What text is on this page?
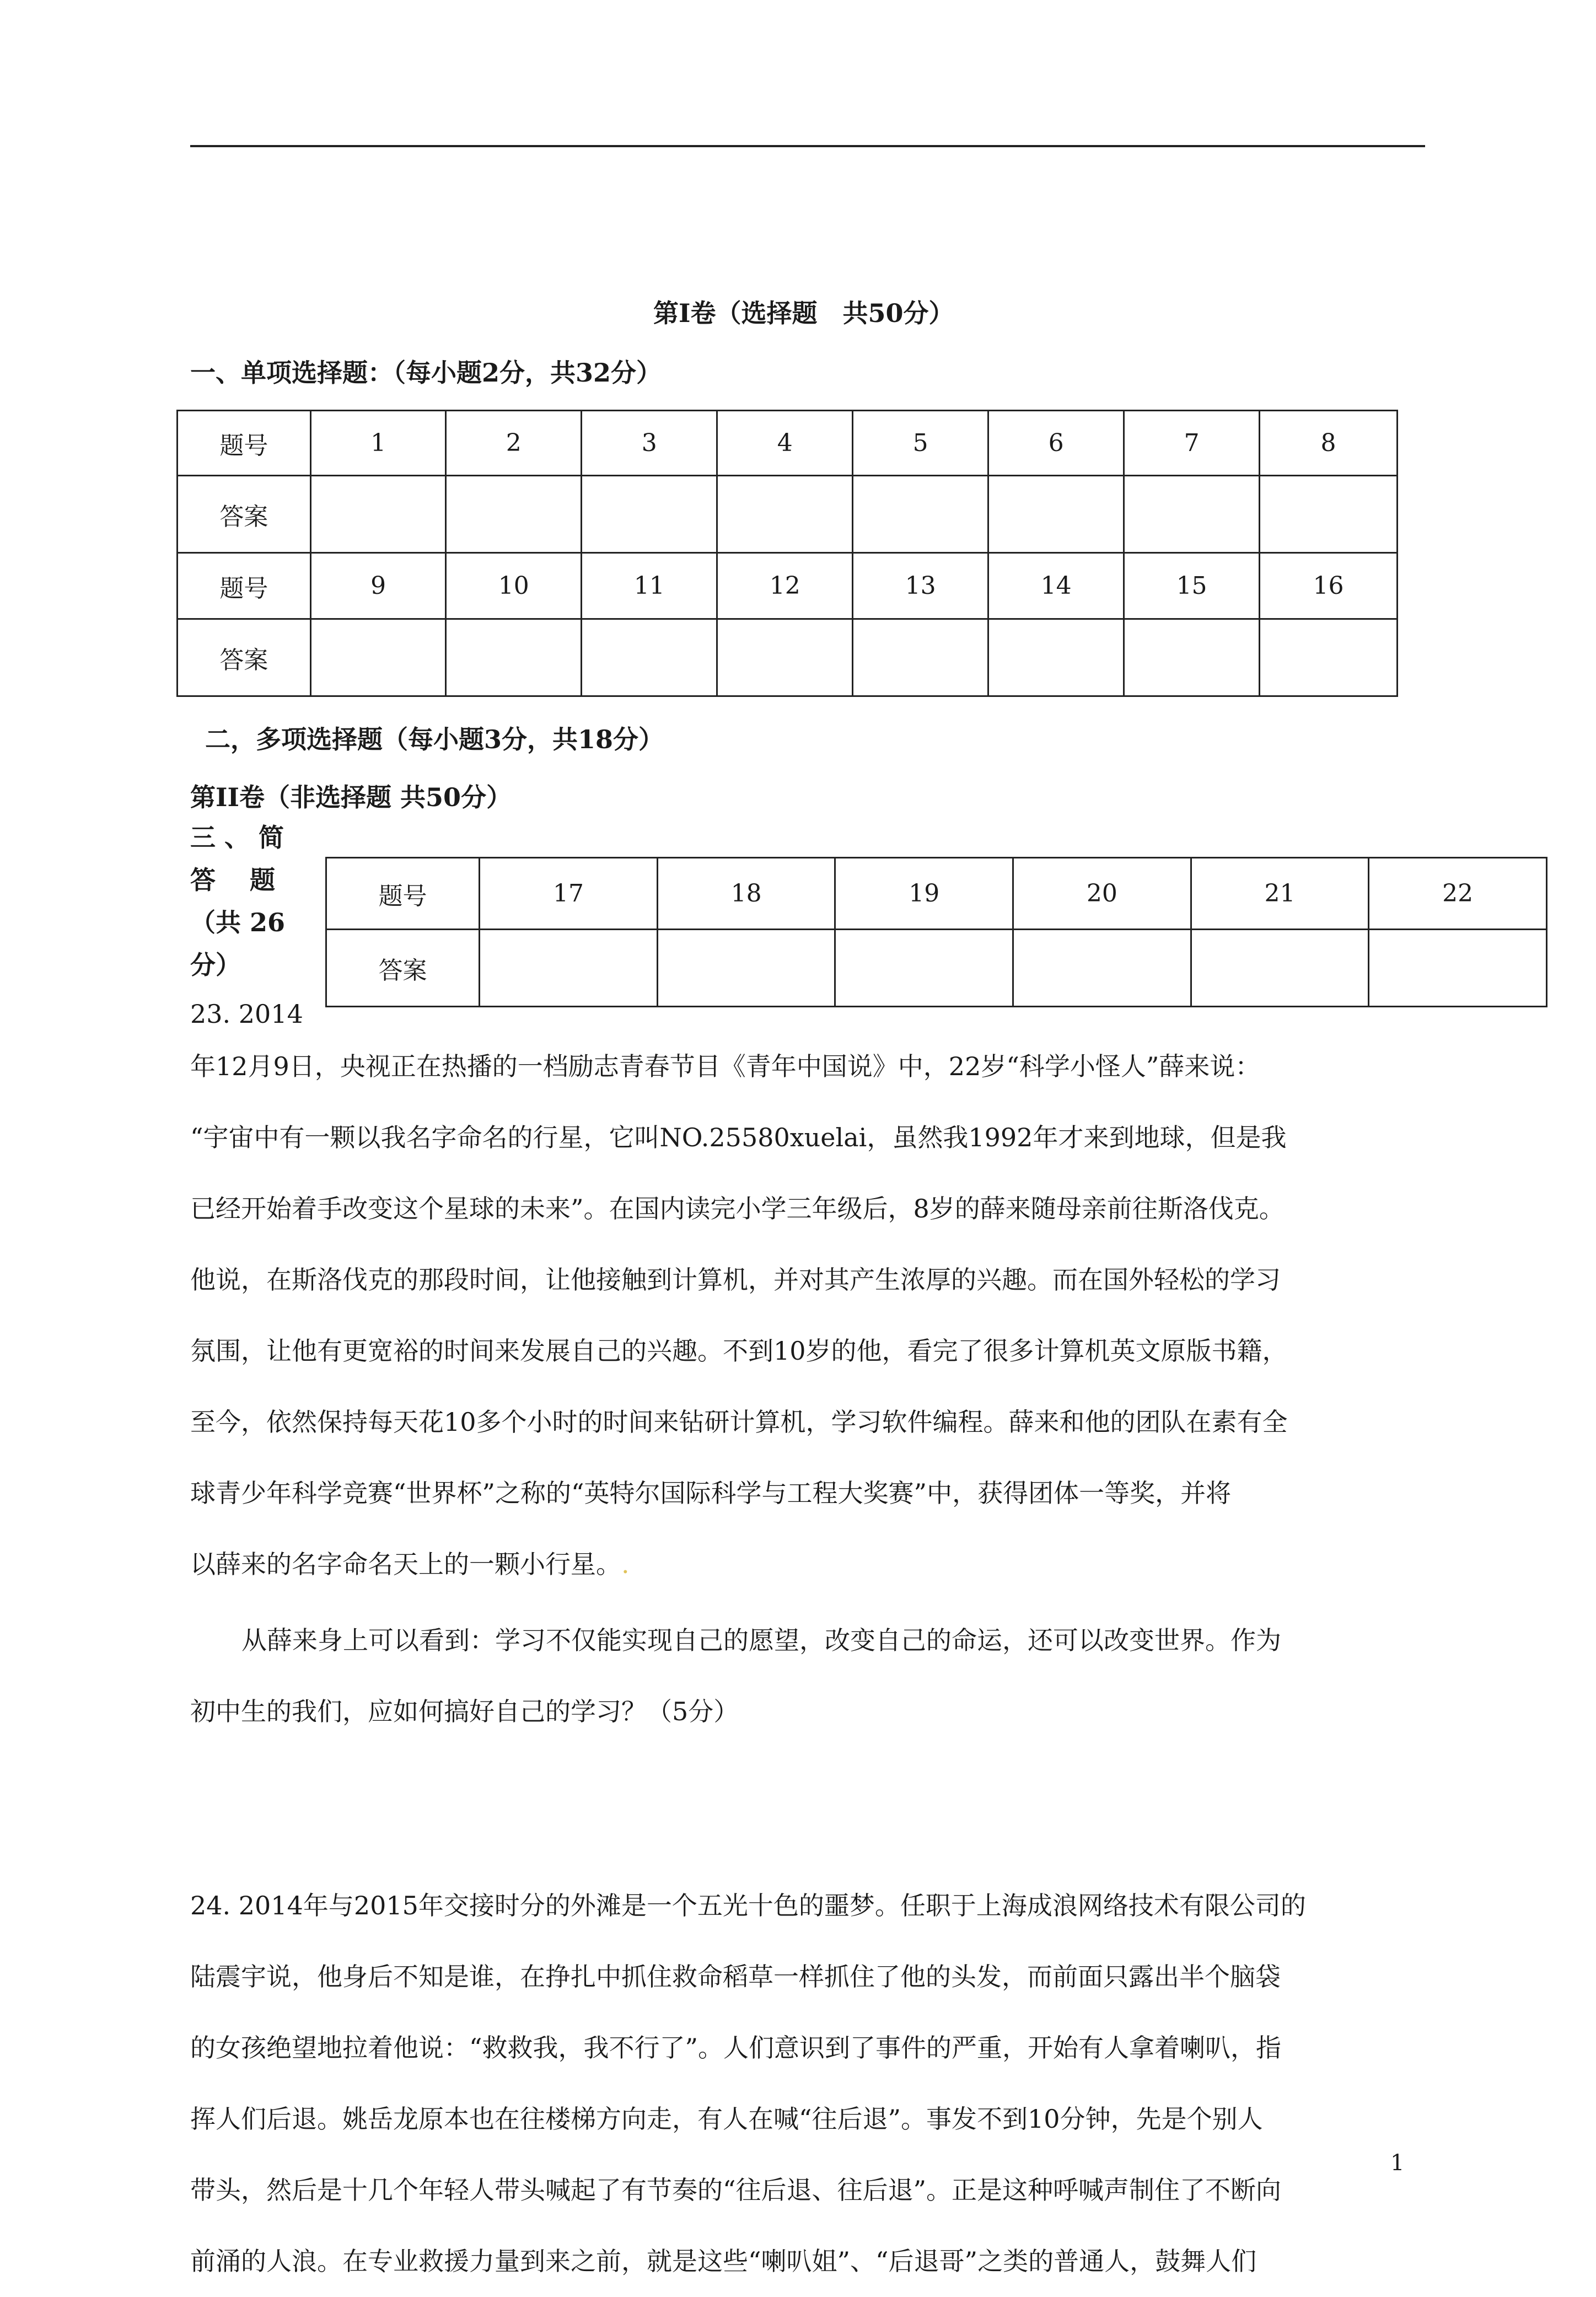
第Ⅰ卷（选择题　共50分）
一、单项选择题：（每小题2分，共32分）
题号	1	2	3	4	5	6	7	8
答案								
题号	9	10	11	12	13	14	15	16
答案								
二，多项选择题（每小题3分，共18分）
第II卷（非选择题 共50分）
三 、 简
答　 题
（共 26
分）
题号	17	18	19	20	21	22
答案						
23. 2014
年12月9日，央视正在热播的一档励志青春节目《青年中国说》中，22岁“科学小怪人”薛来说：
“宇宙中有一颗以我名字命名的行星，它叫NO.25580xuelai，虽然我1992年才来到地球，但是我
已经开始着手改变这个星球的未来”。在国内读完小学三年级后，8岁的薛来随母亲前往斯洛伐克。
他说，在斯洛伐克的那段时间，让他接触到计算机，并对其产生浓厚的兴趣。而在国外轻松的学习
氛围，让他有更宽裕的时间来发展自己的兴趣。不到10岁的他，看完了很多计算机英文原版书籍，
至今，依然保持每天花10多个小时的时间来钻研计算机，学习软件编程。薛来和他的团队在素有全
球青少年科学竞赛“世界杯”之称的“英特尔国际科学与工程大奖赛”中，获得团体一等奖，并将
以薛来的名字命名天上的一颗小行星。.
从薛来身上可以看到：学习不仅能实现自己的愿望，改变自己的命运，还可以改变世界。作为
初中生的我们，应如何搞好自己的学习？（5分）
24. 2014年与2015年交接时分的外滩是一个五光十色的噩梦。任职于上海成浪网络技术有限公司的
陆震宇说，他身后不知是谁，在挣扎中抓住救命稻草一样抓住了他的头发，而前面只露出半个脑袋
的女孩绝望地拉着他说：“救救我，我不行了”。人们意识到了事件的严重，开始有人拿着喇叭，指
挥人们后退。姚岳龙原本也在往楼梯方向走，有人在喊“往后退”。事发不到10分钟，先是个别人
带头，然后是十几个年轻人带头喊起了有节奏的“往后退、往后退”。正是这种呼喊声制住了不断向
前涌的人浪。在专业救援力量到来之前，就是这些“喇叭姐”、“后退哥”之类的普通人，鼓舞人们
1
